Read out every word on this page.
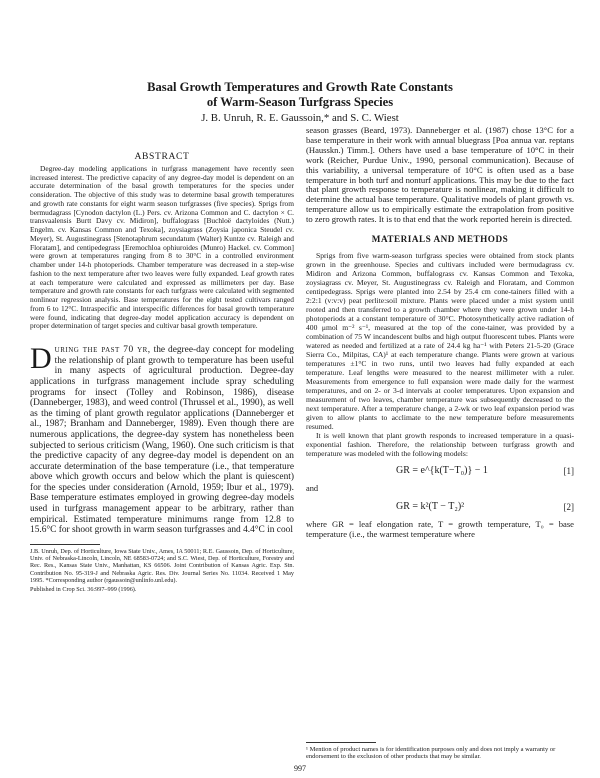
Basal Growth Temperatures and Growth Rate Constants
of Warm-Season Turfgrass Species

J. B. Unruh, R. E. Gaussoin,* and S. C. Wiest

ABSTRACT

Degree-day modeling applications in turfgrass management have recently seen increased interest. The predictive capacity of any degree-day model is dependent on an accurate determination of the basal growth temperatures for the species under consideration. The objective of this study was to determine basal growth temperatures and growth rate constants for eight warm season turfgrasses (five species). Sprigs from bermudagrass [Cynodon dactylon (L.) Pers. cv. Arizona Common and C. dactylon × C. transvaalensis Burtt Davy cv. Midiron], buffalograss [Buchloë dactyloides (Nutt.) Engelm. cv. Kansas Common and Texoka], zoysiagrass (Zoysia japonica Steudel cv. Meyer), St. Augustinegrass [Stenotaphrum secundatum (Walter) Kuntze cv. Raleigh and Floratam], and centipedegrass [Eremochloa ophiuroides (Munro) Hackel. cv. Common] were grown at temperatures ranging from 8 to 30°C in a controlled environment chamber under 14-h photoperiods. Chamber temperature was decreased in a step-wise fashion to the next temperature after two leaves were fully expanded. Leaf growth rates at each temperature were calculated and expressed as millimeters per day. Base temperature and growth rate constants for each turfgrass were calculated with segmented nonlinear regression analysis. Base temperatures for the eight tested cultivars ranged from 6 to 12°C. Intraspecific and interspecific differences for basal growth temperature were found, indicating that degree-day model application accuracy is dependent on proper determination of target species and cultivar basal growth temperature.

During the past 70 yr, the degree-day concept for modeling the relationship of plant growth to temperature has been useful in many aspects of agricultural production. Degree-day applications in turfgrass management include spray scheduling programs for insect (Tolley and Robinson, 1986), disease (Danneberger, 1983), and weed control (Thrussel et al., 1990), as well as the timing of plant growth regulator applications (Danneberger et al., 1987; Branham and Danneberger, 1989). Even though there are numerous applications, the degree-day system has nonetheless been subjected to serious criticism (Wang, 1960). One such criticism is that the predictive capacity of any degree-day model is dependent on an accurate determination of the base temperature (i.e., that temperature above which growth occurs and below which the plant is quiescent) for the species under consideration (Arnold, 1959; Ibur et al., 1979). Base temperature estimates employed in growing degree-day models used in turfgrass management appear to be arbitrary, rather than empirical. Estimated temperature minimums range from 12.8 to 15.6°C for shoot growth in warm season turfgrasses and 4.4°C in cool

J.B. Unruh, Dep. of Horticulture, Iowa State Univ., Ames, IA 50011; R.E. Gaussoin, Dep. of Horticulture, Univ. of Nebraska-Lincoln, Lincoln, NE 68583-0724; and S.C. Wiest, Dep. of Horticulture, Forestry and Rec. Res., Kansas State Univ., Manhattan, KS 66506. Joint Contribution of Kansas Agric. Exp. Stn. Contribution No. 95-319-J and Nebraska Agric. Res. Div. Journal Series No. 11034. Received 1 May 1995. *Corresponding author (rgaussoin@unlinfo.unl.edu).

Published in Crop Sci. 36:997–999 (1996).

season grasses (Beard, 1973). Danneberger et al. (1987) chose 13°C for a base temperature in their work with annual bluegrass [Poa annua var. reptans (Hausskn.) Timm.]. Others have used a base temperature of 10°C in their work (Reicher, Purdue Univ., 1990, personal communication). Because of this variability, a universal temperature of 10°C is often used as a base temperature in both turf and nonturf applications. This may be due to the fact that plant growth response to temperature is nonlinear, making it difficult to determine the actual base temperature. Qualitative models of plant growth vs. temperature allow us to empirically estimate the extrapolation from positive to zero growth rates. It is to that end that the work reported herein is directed.

MATERIALS AND METHODS

Sprigs from five warm-season turfgrass species were obtained from stock plants grown in the greenhouse. Species and cultivars included were bermudagrass cv. Midiron and Arizona Common, buffalograss cv. Kansas Common and Texoka, zoysiagrass cv. Meyer, St. Augustinegrass cv. Raleigh and Floratam, and Common centipedegrass. Sprigs were planted into 2.54 by 25.4 cm cone-tainers filled with a 2:2:1 (v:v:v) peat perlite:soil mixture. Plants were placed under a mist system until rooted and then transferred to a growth chamber where they were grown under 14-h photoperiods at a constant temperature of 30°C. Photosynthetically active radiation of 400 μmol m⁻² s⁻¹, measured at the top of the cone-tainer, was provided by a combination of 75 W incandescent bulbs and high output fluorescent tubes. Plants were watered as needed and fertilized at a rate of 24.4 kg ha⁻¹ with Peters 21-5-20 (Grace Sierra Co., Milpitas, CA)¹ at each temperature change. Plants were grown at various temperatures ±1°C in two runs, until two leaves had fully expanded at each temperature. Leaf lengths were measured to the nearest millimeter with a ruler. Measurements from emergence to full expansion were made daily for the warmest temperatures, and on 2- or 3-d intervals at cooler temperatures. Upon expansion and measurement of two leaves, chamber temperature was subsequently decreased to the next temperature. After a temperature change, a 2-wk or two leaf expansion period was given to allow plants to acclimate to the new temperature before measurements resumed.

It is well known that plant growth responds to increased temperature in a quasi-exponential fashion. Therefore, the relationship between turfgrass growth and temperature was modeled with the following models:

GR = e^{k(T−T₀)} − 1	[1]

and

GR = k²(T − T₂)²	[2]

where GR = leaf elongation rate, T = growth temperature, T₀ = base temperature (i.e., the warmest temperature where

¹ Mention of product names is for identification purposes only and does not imply a warranty or endorsement to the exclusion of other products that may be similar.
997
